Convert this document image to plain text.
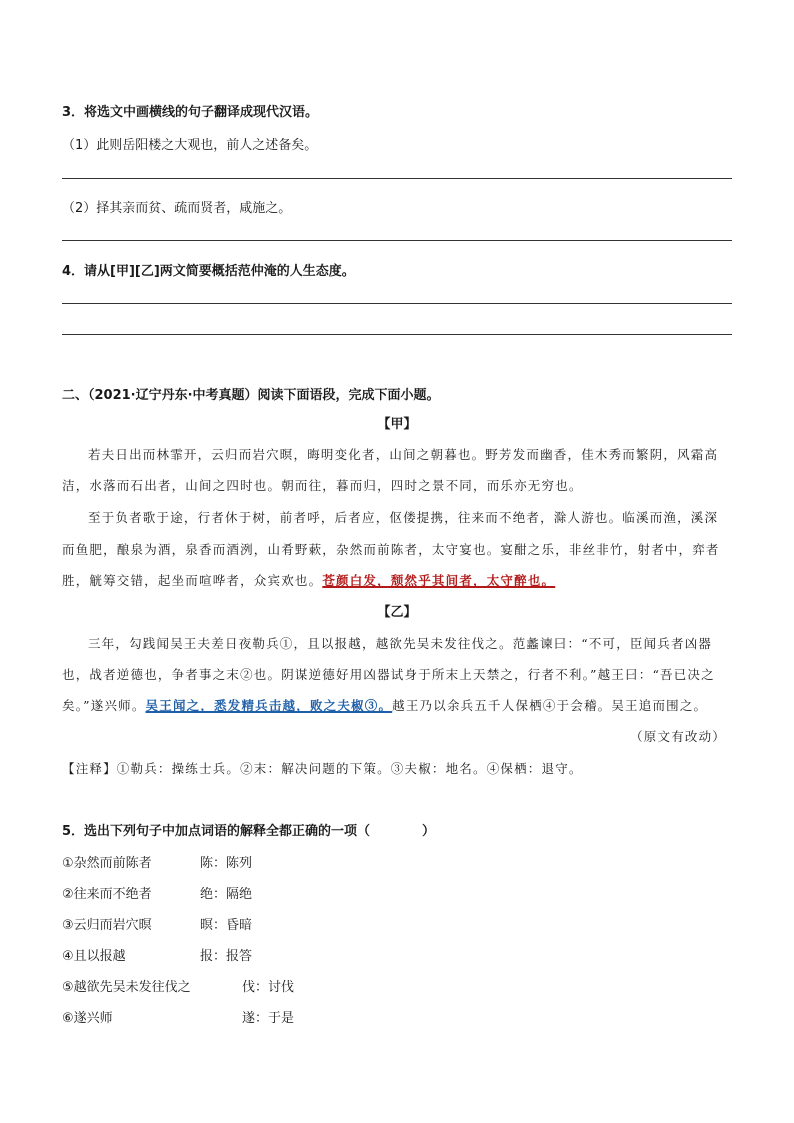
3．将选文中画横线的句子翻译成现代汉语。
（1）此则岳阳楼之大观也，前人之述备矣。
（2）择其亲而贫、疏而贤者，咸施之。
4．请从[甲][乙]两文简要概括范仲淹的人生态度。
二、（2021·辽宁丹东·中考真题）阅读下面语段，完成下面小题。
【甲】
若夫日出而林霏开，云归而岩穴暝，晦明变化者，山间之朝暮也。野芳发而幽香，佳木秀而繁阴，风霜高
洁，水落而石出者，山间之四时也。朝而往，暮而归，四时之景不同，而乐亦无穷也。
至于负者歌于途，行者休于树，前者呼，后者应，伛偻提携，往来而不绝者，滁人游也。临溪而渔，溪深
而鱼肥，酿泉为酒，泉香而酒洌，山肴野蔌，杂然而前陈者，太守宴也。宴酣之乐，非丝非竹，射者中，弈者
胜，觥筹交错，起坐而喧哗者，众宾欢也。苍颜白发，颓然乎其间者，太守醉也。
【乙】
三年，勾践闻吴王夫差日夜勒兵①，且以报越，越欲先吴未发往伐之。范蠡谏曰：“不可，臣闻兵者凶器
也，战者逆德也，争者事之末②也。阴谋逆德好用凶器试身于所末上天禁之，行者不利。”越王曰：“吾已决之
矣。”遂兴师。吴王闻之，悉发精兵击越，败之夫椒③。越王乃以余兵五千人保栖④于会稽。吴王追而围之。
（原文有改动）
【注释】①勒兵：操练士兵。②末：解决问题的下策。③夫椒：地名。④保栖：退守。
5．选出下列句子中加点词语的解释全都正确的一项（　　　　）
①杂然而前陈者	陈：陈列
②往来而不绝者	绝：隔绝
③云归而岩穴暝	暝：昏暗
④且以报越	报：报答
⑤越欲先吴未发往伐之	伐：讨伐
⑥遂兴师	遂：于是
